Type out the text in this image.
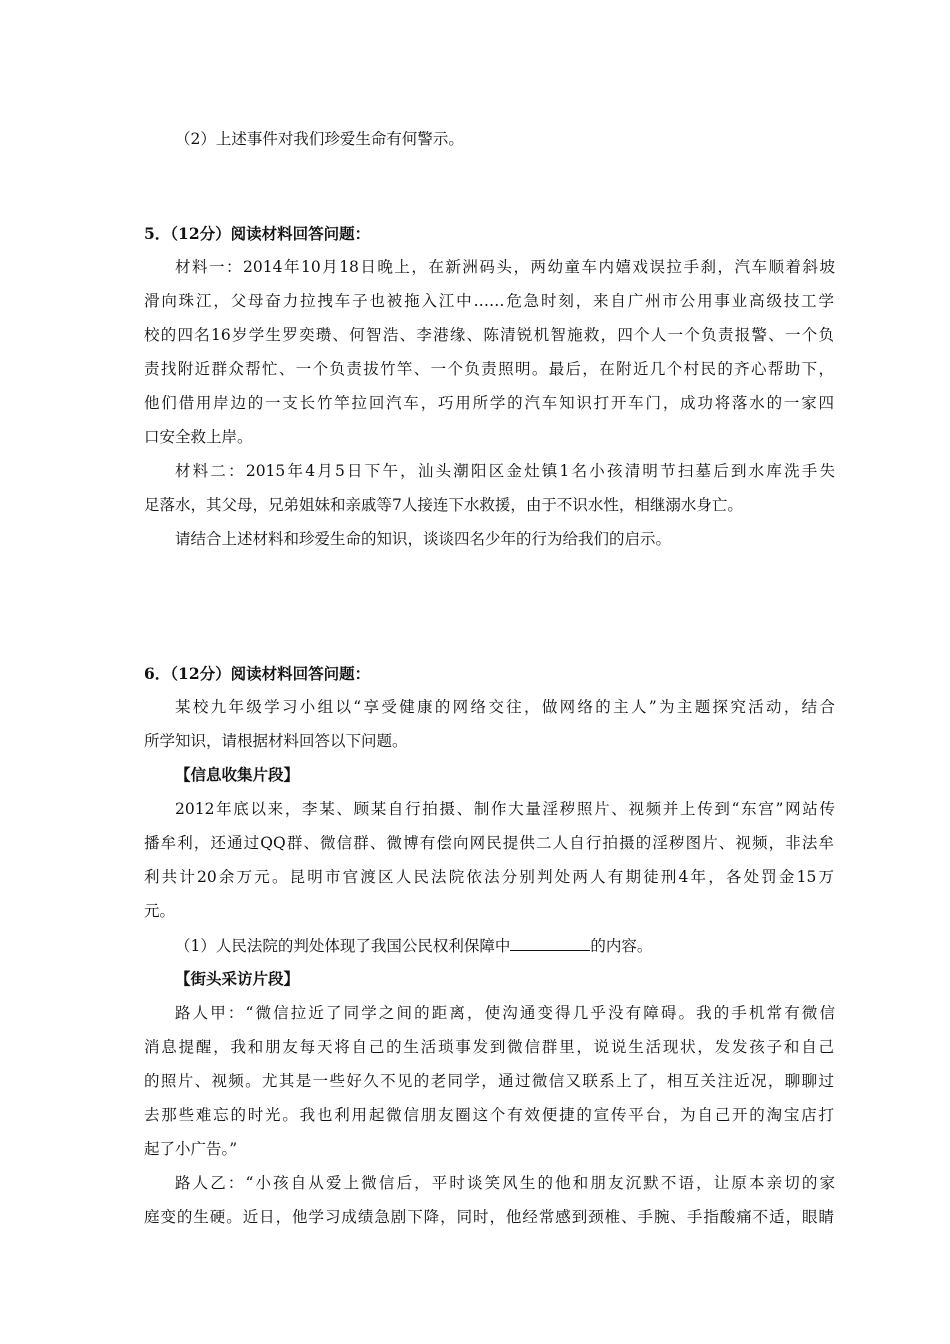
（2）上述事件对我们珍爱生命有何警示。
5．（12分）阅读材料回答问题：
材料一：2014年10月18日晚上，在新洲码头，两幼童车内嬉戏误拉手刹，汽车顺着斜坡
滑向珠江，父母奋力拉拽车子也被拖入江中……危急时刻，来自广州市公用事业高级技工学
校的四名16岁学生罗奕瓒、何智浩、李港缘、陈清锐机智施救，四个人一个负责报警、一个负
责找附近群众帮忙、一个负责拔竹竿、一个负责照明。最后，在附近几个村民的齐心帮助下，
他们借用岸边的一支长竹竿拉回汽车，巧用所学的汽车知识打开车门，成功将落水的一家四
口安全救上岸。
材料二：2015年4月5日下午，汕头潮阳区金灶镇1名小孩清明节扫墓后到水库洗手失
足落水，其父母，兄弟姐妹和亲戚等7人接连下水救援，由于不识水性，相继溺水身亡。
请结合上述材料和珍爱生命的知识，谈谈四名少年的行为给我们的启示。
6．（12分）阅读材料回答问题：
某校九年级学习小组以“享受健康的网络交往，做网络的主人”为主题探究活动，结合
所学知识，请根据材料回答以下问题。
【信息收集片段】
2012年底以来，李某、顾某自行拍摄、制作大量淫秽照片、视频并上传到“东宫”网站传
播牟利，还通过QQ群、微信群、微博有偿向网民提供二人自行拍摄的淫秽图片、视频，非法牟
利共计20余万元。昆明市官渡区人民法院依法分别判处两人有期徒刑4年，各处罚金15万
元。
（1）人民法院的判处体现了我国公民权利保障中	的内容。
【街头采访片段】
路人甲：“微信拉近了同学之间的距离，使沟通变得几乎没有障碍。我的手机常有微信
消息提醒，我和朋友每天将自己的生活琐事发到微信群里，说说生活现状，发发孩子和自己
的照片、视频。尤其是一些好久不见的老同学，通过微信又联系上了，相互关注近况，聊聊过
去那些难忘的时光。我也利用起微信朋友圈这个有效便捷的宣传平台，为自己开的淘宝店打
起了小广告。”
路人乙：“小孩自从爱上微信后，平时谈笑风生的他和朋友沉默不语，让原本亲切的家
庭变的生硬。近日，他学习成绩急剧下降，同时，他经常感到颈椎、手腕、手指酸痛不适，眼睛
